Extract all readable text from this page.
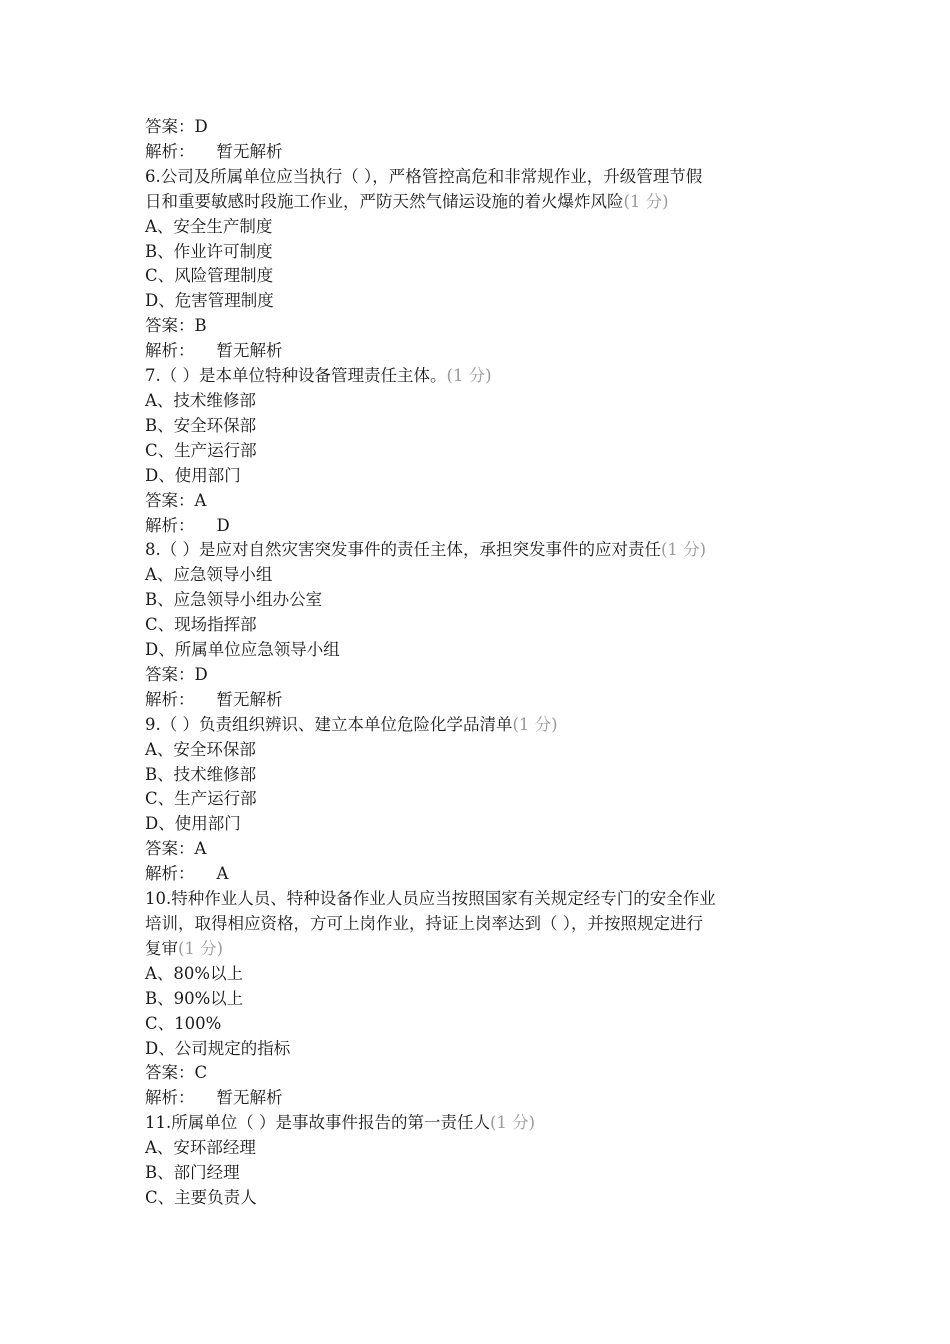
答案：D
解析： 暂无解析
6.公司及所属单位应当执行（ ），严格管控高危和非常规作业，升级管理节假
日和重要敏感时段施工作业，严防天然气储运设施的着火爆炸风险(1 分)
A、安全生产制度
B、作业许可制度
C、风险管理制度
D、危害管理制度
答案：B
解析： 暂无解析
7.（ ）是本单位特种设备管理责任主体。(1 分)
A、技术维修部
B、安全环保部
C、生产运行部
D、使用部门
答案：A
解析： D
8.（ ）是应对自然灾害突发事件的责任主体，承担突发事件的应对责任(1 分)
A、应急领导小组
B、应急领导小组办公室
C、现场指挥部
D、所属单位应急领导小组
答案：D
解析： 暂无解析
9.（ ）负责组织辨识、建立本单位危险化学品清单(1 分)
A、安全环保部
B、技术维修部
C、生产运行部
D、使用部门
答案：A
解析： A
10.特种作业人员、特种设备作业人员应当按照国家有关规定经专门的安全作业
培训，取得相应资格，方可上岗作业，持证上岗率达到（ ），并按照规定进行
复审(1 分)
A、80%以上
B、90%以上
C、100%
D、公司规定的指标
答案：C
解析： 暂无解析
11.所属单位（ ）是事故事件报告的第一责任人(1 分)
A、安环部经理
B、部门经理
C、主要负责人
